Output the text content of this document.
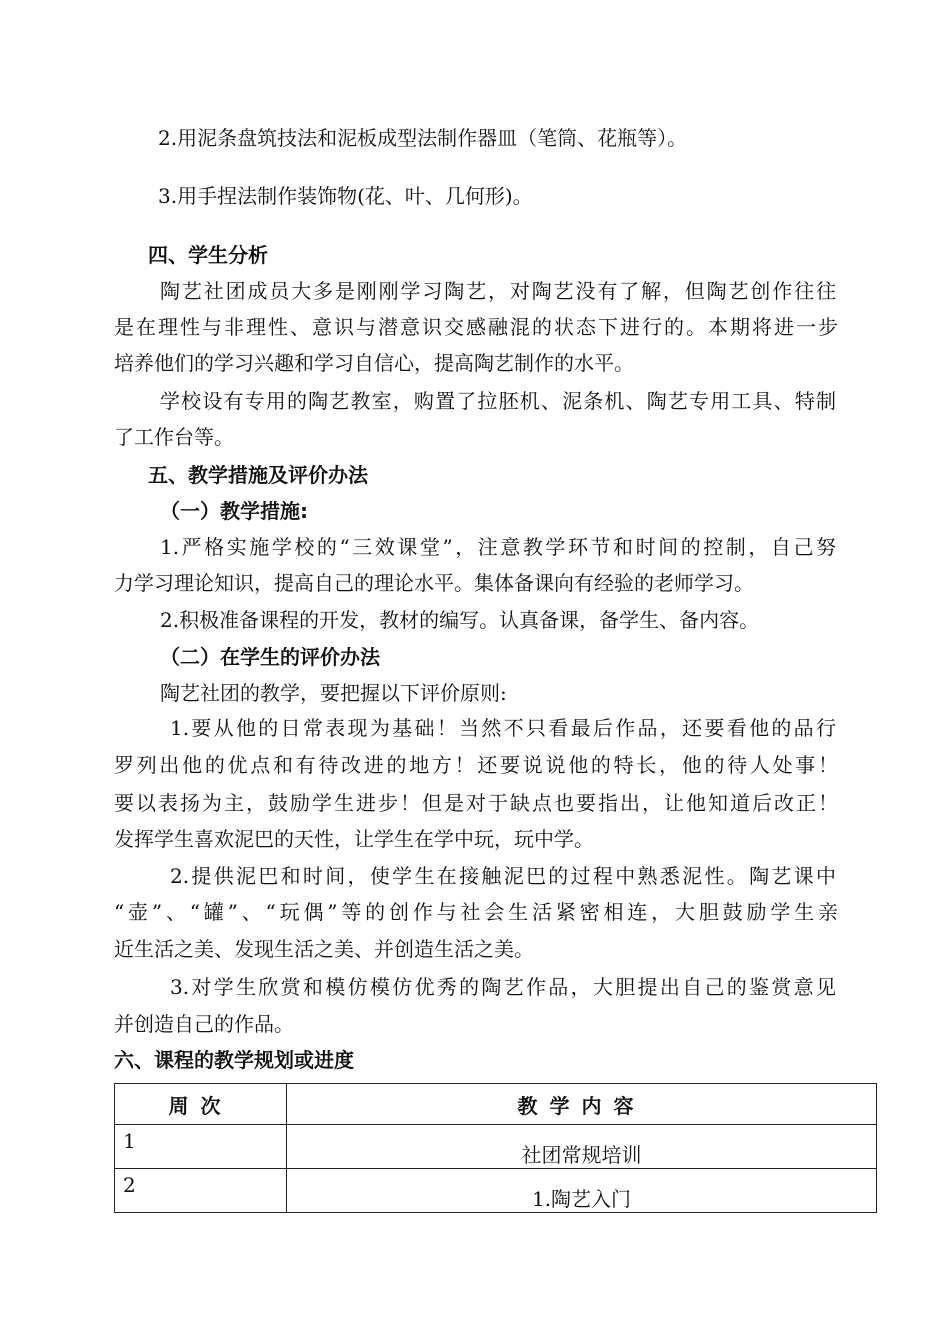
2.用泥条盘筑技法和泥板成型法制作器皿（笔筒、花瓶等）。
3.用手捏法制作装饰物(花、叶、几何形)。
四、学生分析
陶艺社团成员大多是刚刚学习陶艺，对陶艺没有了解，但陶艺创作往往
是在理性与非理性、意识与潜意识交感融混的状态下进行的。本期将进一步
培养他们的学习兴趣和学习自信心，提高陶艺制作的水平。
学校设有专用的陶艺教室，购置了拉胚机、泥条机、陶艺专用工具、特制
了工作台等。
五、教学措施及评价办法
（一）教学措施:
1.严格实施学校的“三效课堂”，注意教学环节和时间的控制，自己努
力学习理论知识，提高自己的理论水平。集体备课向有经验的老师学习。
2.积极准备课程的开发，教材的编写。认真备课，备学生、备内容。
（二）在学生的评价办法
陶艺社团的教学，要把握以下评价原则:
1.要从他的日常表现为基础！当然不只看最后作品，还要看他的品行
罗列出他的优点和有待改进的地方！还要说说他的特长，他的待人处事！
要以表扬为主，鼓励学生进步！但是对于缺点也要指出，让他知道后改正！
发挥学生喜欢泥巴的天性，让学生在学中玩，玩中学。
2.提供泥巴和时间，使学生在接触泥巴的过程中熟悉泥性。陶艺课中
“壶”、“罐”、“玩偶”等的创作与社会生活紧密相连，大胆鼓励学生亲
近生活之美、发现生活之美、并创造生活之美。
3.对学生欣赏和模仿模仿优秀的陶艺作品，大胆提出自己的鉴赏意见
并创造自己的作品。
六、课程的教学规划或进度
周次	教学内容

1	社团常规培训

2	1.陶艺入门
